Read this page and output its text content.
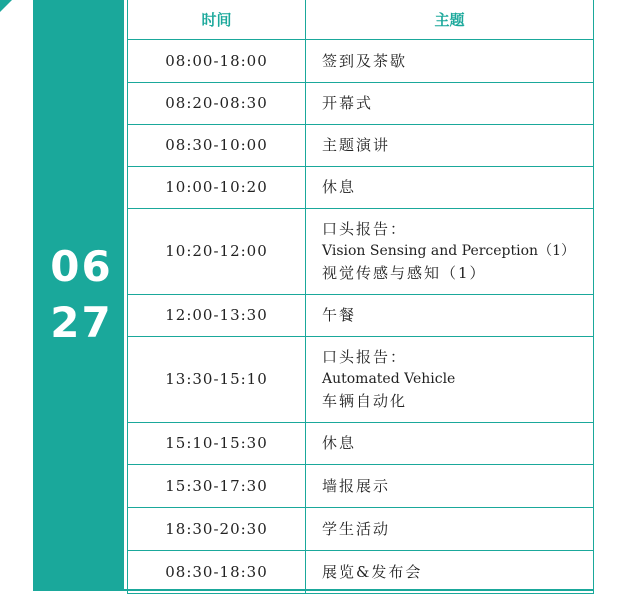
06
27
时间	主题
08:00-18:00	签到及茶歇

08:20-08:30	开幕式

08:30-10:00	主题演讲

10:00-10:20	休息

10:20-12:00	口头报告：
Vision Sensing and Perception（1）
视觉传感与感知（1）

12:00-13:30	午餐

13:30-15:10	口头报告：
Automated Vehicle
车辆自动化

15:10-15:30	休息

15:30-17:30	墙报展示

18:30-20:30	学生活动

08:30-18:30	展览&发布会
